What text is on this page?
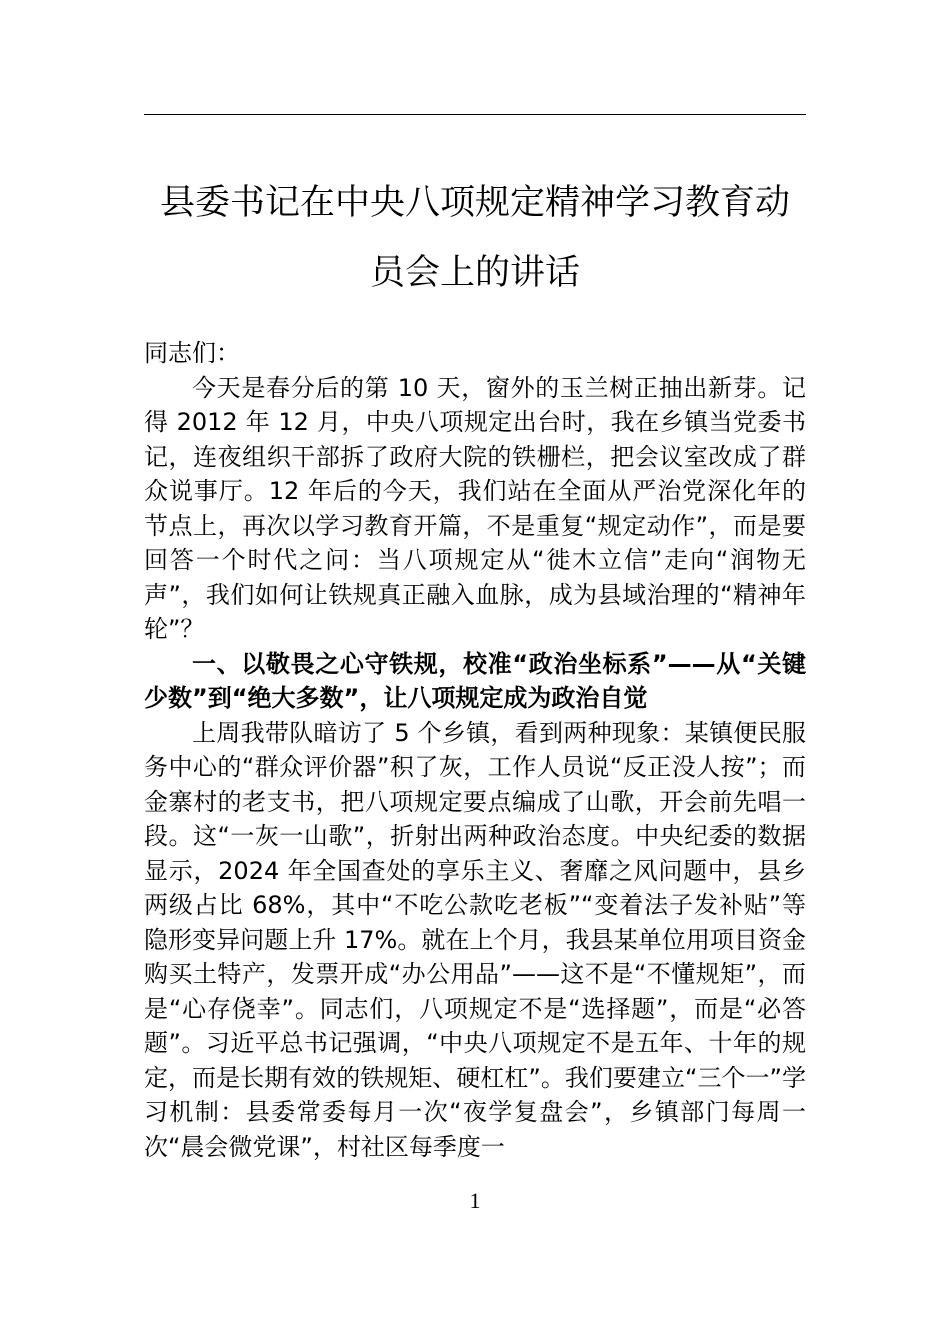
县委书记在中央八项规定精神学习教育动
员会上的讲话

同志们：

今天是春分后的第 10 天，窗外的玉兰树正抽出新芽。记得 2012 年 12 月，中央八项规定出台时，我在乡镇当党委书记，连夜组织干部拆了政府大院的铁栅栏，把会议室改成了群众说事厅。12 年后的今天，我们站在全面从严治党深化年的节点上，再次以学习教育开篇，不是重复“规定动作”，而是要回答一个时代之问：当八项规定从“徙木立信”走向“润物无声”，我们如何让铁规真正融入血脉，成为县域治理的“精神年轮”？

一、以敬畏之心守铁规，校准“政治坐标系”——从“关键少数”到“绝大多数”，让八项规定成为政治自觉

上周我带队暗访了 5 个乡镇，看到两种现象：某镇便民服务中心的“群众评价器”积了灰，工作人员说“反正没人按”；而金寨村的老支书，把八项规定要点编成了山歌，开会前先唱一段。这“一灰一山歌”，折射出两种政治态度。中央纪委的数据显示，2024 年全国查处的享乐主义、奢靡之风问题中，县乡两级占比 68%，其中“不吃公款吃老板”“变着法子发补贴”等隐形变异问题上升 17%。就在上个月，我县某单位用项目资金购买土特产，发票开成“办公用品”——这不是“不懂规矩”，而是“心存侥幸”。同志们，八项规定不是“选择题”，而是“必答题”。习近平总书记强调，“中央八项规定不是五年、十年的规定，而是长期有效的铁规矩、硬杠杠”。我们要建立“三个一”学习机制：县委常委每月一次“夜学复盘会”，乡镇部门每周一次“晨会微党课”，村社区每季度一

1
